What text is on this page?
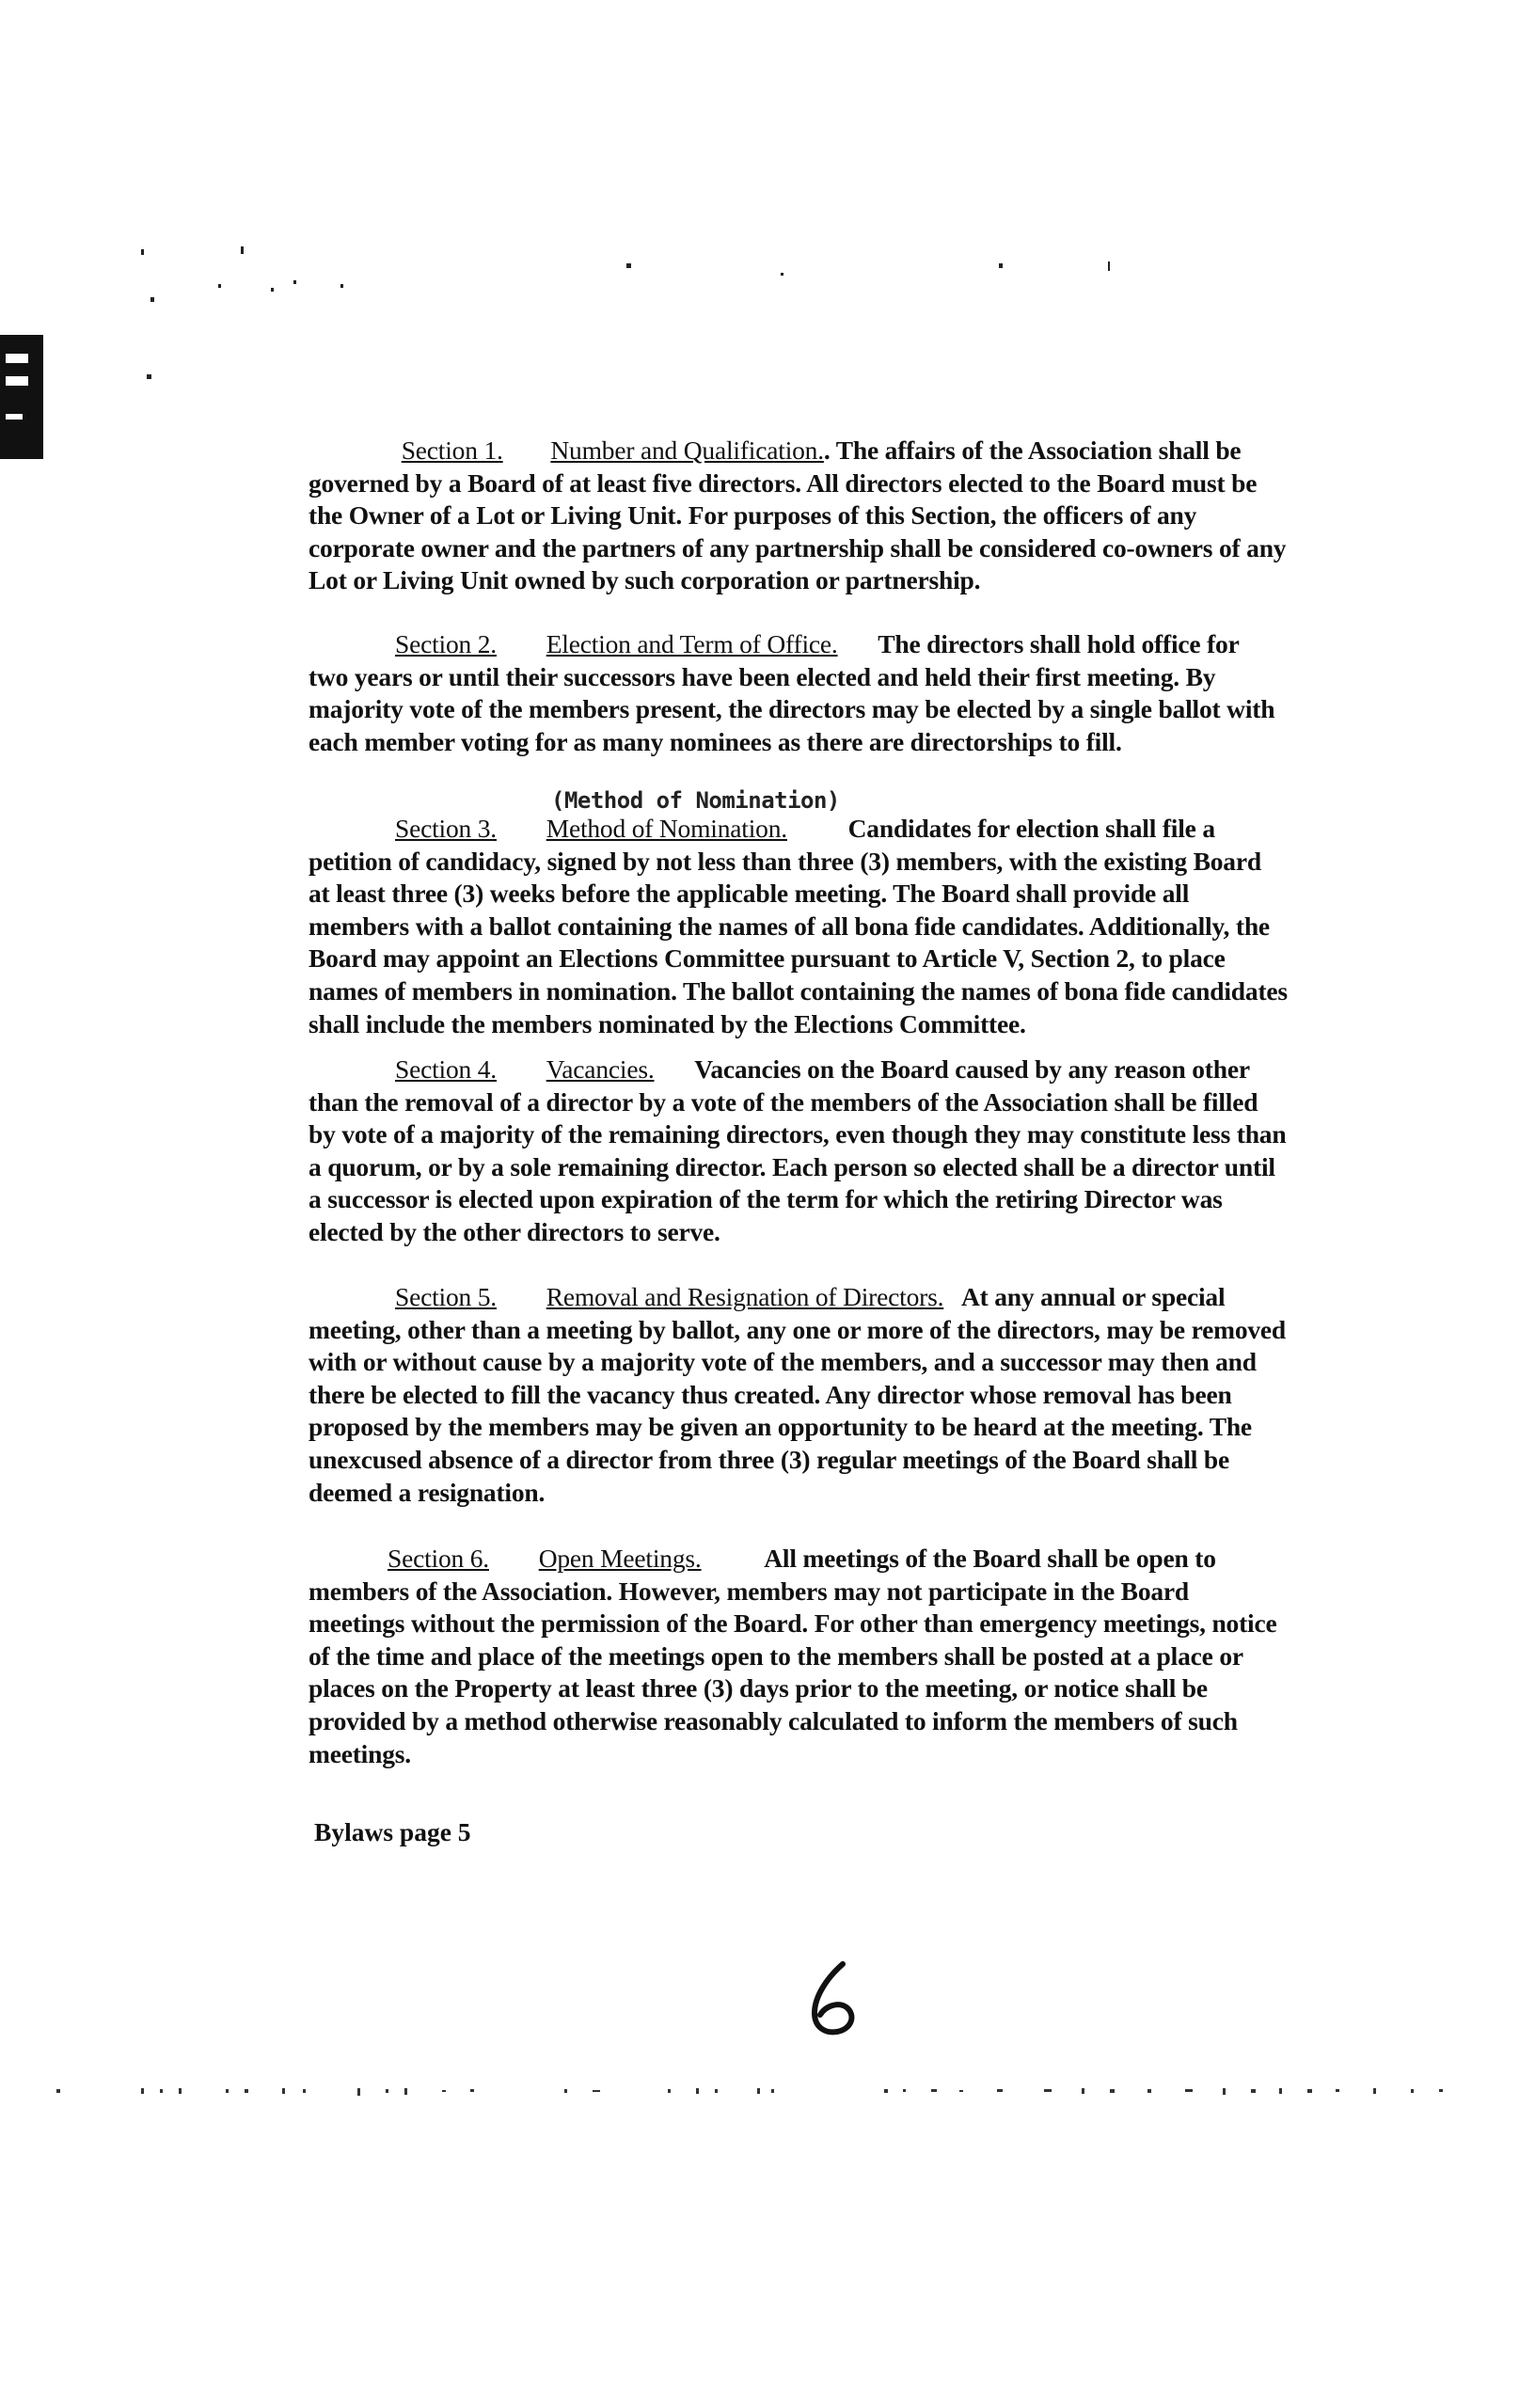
Section 1. Number and Qualification.. The affairs of the Association shall be
governed by a Board of at least five directors. All directors elected to the Board must be
the Owner of a Lot or Living Unit. For purposes of this Section, the officers of any
corporate owner and the partners of any partnership shall be considered co-owners of any
Lot or Living Unit owned by such corporation or partnership.

Section 2. Election and Term of Office. The directors shall hold office for
two years or until their successors have been elected and held their first meeting. By
majority vote of the members present, the directors may be elected by a single ballot with
each member voting for as many nominees as there are directorships to fill.

(Method of Nomination)

Section 3. Method of Nomination. Candidates for election shall file a
petition of candidacy, signed by not less than three (3) members, with the existing Board
at least three (3) weeks before the applicable meeting. The Board shall provide all
members with a ballot containing the names of all bona fide candidates. Additionally, the
Board may appoint an Elections Committee pursuant to Article V, Section 2, to place
names of members in nomination. The ballot containing the names of bona fide candidates
shall include the members nominated by the Elections Committee.

Section 4. Vacancies. Vacancies on the Board caused by any reason other
than the removal of a director by a vote of the members of the Association shall be filled
by vote of a majority of the remaining directors, even though they may constitute less than
a quorum, or by a sole remaining director. Each person so elected shall be a director until
a successor is elected upon expiration of the term for which the retiring Director was
elected by the other directors to serve.

Section 5. Removal and Resignation of Directors. At any annual or special
meeting, other than a meeting by ballot, any one or more of the directors, may be removed
with or without cause by a majority vote of the members, and a successor may then and
there be elected to fill the vacancy thus created. Any director whose removal has been
proposed by the members may be given an opportunity to be heard at the meeting. The
unexcused absence of a director from three (3) regular meetings of the Board shall be
deemed a resignation.

Section 6. Open Meetings. All meetings of the Board shall be open to
members of the Association. However, members may not participate in the Board
meetings without the permission of the Board. For other than emergency meetings, notice
of the time and place of the meetings open to the members shall be posted at a place or
places on the Property at least three (3) days prior to the meeting, or notice shall be
provided by a method otherwise reasonably calculated to inform the members of such
meetings.

Bylaws page 5
